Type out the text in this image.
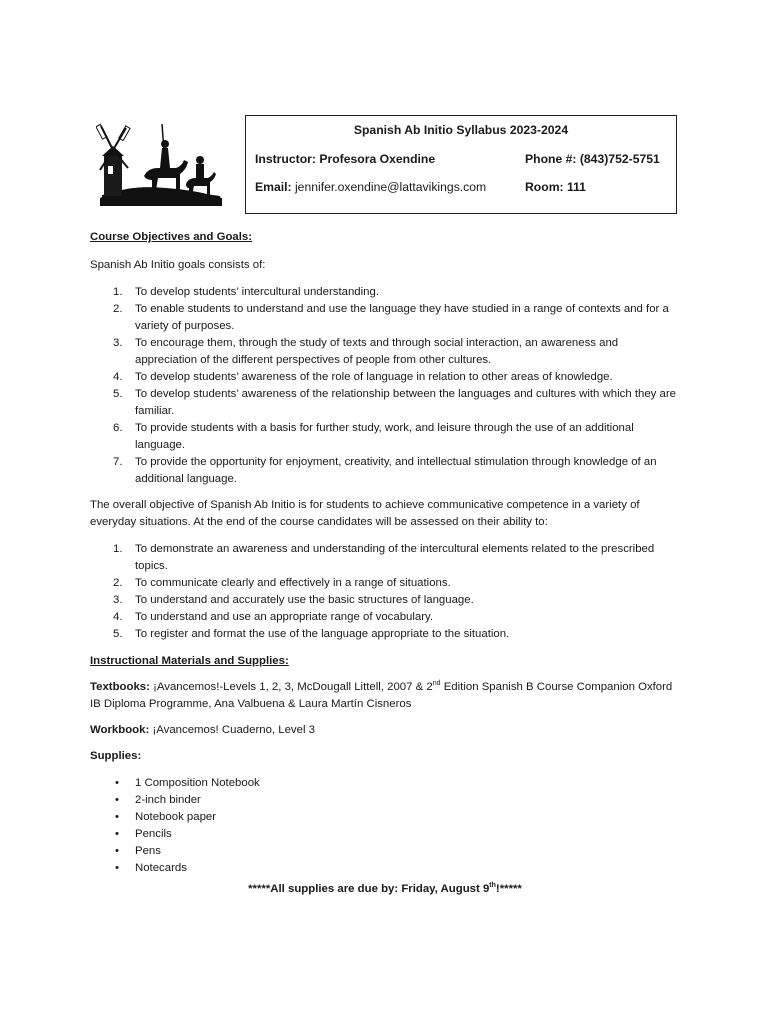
Spanish Ab Initio Syllabus 2023-2024
Instructor: Profesora Oxendine	Phone #: (843)752-5751
Email: jennifer.oxendine@lattavikings.com	Room: 111
Course Objectives and Goals:

Spanish Ab Initio goals consists of:

1. To develop students’ intercultural understanding.
2. To enable students to understand and use the language they have studied in a range of contexts and for a variety of purposes.
3. To encourage them, through the study of texts and through social interaction, an awareness and appreciation of the different perspectives of people from other cultures.
4. To develop students’ awareness of the role of language in relation to other areas of knowledge.
5. To develop students’ awareness of the relationship between the languages and cultures with which they are familiar.
6. To provide students with a basis for further study, work, and leisure through the use of an additional language.
7. To provide the opportunity for enjoyment, creativity, and intellectual stimulation through knowledge of an additional language.

The overall objective of Spanish Ab Initio is for students to achieve communicative competence in a variety of everyday situations. At the end of the course candidates will be assessed on their ability to:

1. To demonstrate an awareness and understanding of the intercultural elements related to the prescribed topics.
2. To communicate clearly and effectively in a range of situations.
3. To understand and accurately use the basic structures of language.
4. To understand and use an appropriate range of vocabulary.
5. To register and format the use of the language appropriate to the situation.
Instructional Materials and Supplies:

Textbooks: ¡Avancemos!-Levels 1, 2, 3, McDougall Littell, 2007 & 2nd Edition Spanish B Course Companion Oxford IB Diploma Programme, Ana Valbuena & Laura Martín Cisneros

Workbook: ¡Avancemos! Cuaderno, Level 3

Supplies:

• 1 Composition Notebook
• 2-inch binder
• Notebook paper
• Pencils
• Pens
• Notecards

*****All supplies are due by: Friday, August 9th!*****
